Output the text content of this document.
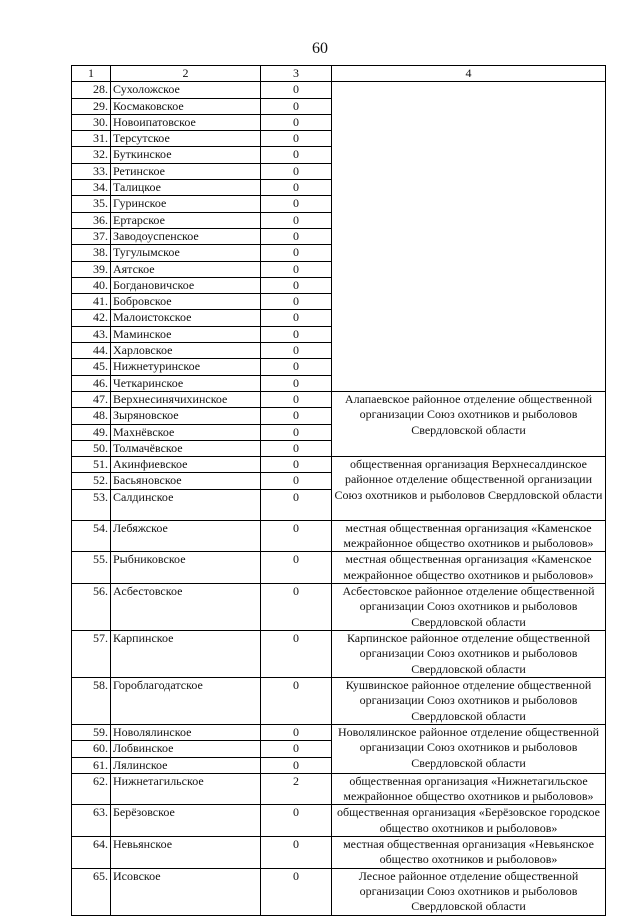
60
1	2	3	4
28.	Сухоложское	0	
29.	Космаковское	0	
30.	Новоипатовское	0	
31.	Терсутское	0	
32.	Буткинское	0	
33.	Ретинское	0	
34.	Талицкое	0	
35.	Гуринское	0	
36.	Ертарское	0	
37.	Заводоуспенское	0	
38.	Тугулымское	0	
39.	Аятское	0	
40.	Богдановичское	0	
41.	Бобровское	0	
42.	Малоистокское	0	
43.	Маминское	0	
44.	Харловское	0	
45.	Нижнетуринское	0	
46.	Четкаринское	0	
47.	Верхнесинячихинское	0	Алапаевское районное отделение общественной организации Союз охотников и рыболовов Свердловской области
48.	Зыряновское	0	
49.	Махнёвское	0	
50.	Толмачёвское	0	
51.	Акинфиевское	0	общественная организация Верхнесалдинское районное отделение общественной организации Союз охотников и рыболовов Свердловской области
52.	Басьяновское	0	
53.	Салдинское	0	
54.	Лебяжское	0	местная общественная организация «Каменское межрайонное общество охотников и рыболовов»
55.	Рыбниковское	0	местная общественная организация «Каменское межрайонное общество охотников и рыболовов»
56.	Асбестовское	0	Асбестовское районное отделение общественной организации Союз охотников и рыболовов Свердловской области
57.	Карпинское	0	Карпинское районное отделение общественной организации Союз охотников и рыболовов Свердловской области
58.	Гороблагодатское	0	Кушвинское районное отделение общественной организации Союз охотников и рыболовов Свердловской области
59.	Новолялинское	0	Новолялинское районное отделение общественной организации Союз охотников и рыболовов Свердловской области
60.	Лобвинское	0	
61.	Лялинское	0	
62.	Нижнетагильское	2	общественная организация «Нижнетагильское межрайонное общество охотников и рыболовов»
63.	Берёзовское	0	общественная организация «Берёзовское городское общество охотников и рыболовов»
64.	Невьянское	0	местная общественная организация «Невьянское общество охотников и рыболовов»
65.	Исовское	0	Лесное районное отделение общественной организации Союз охотников и рыболовов Свердловской области
